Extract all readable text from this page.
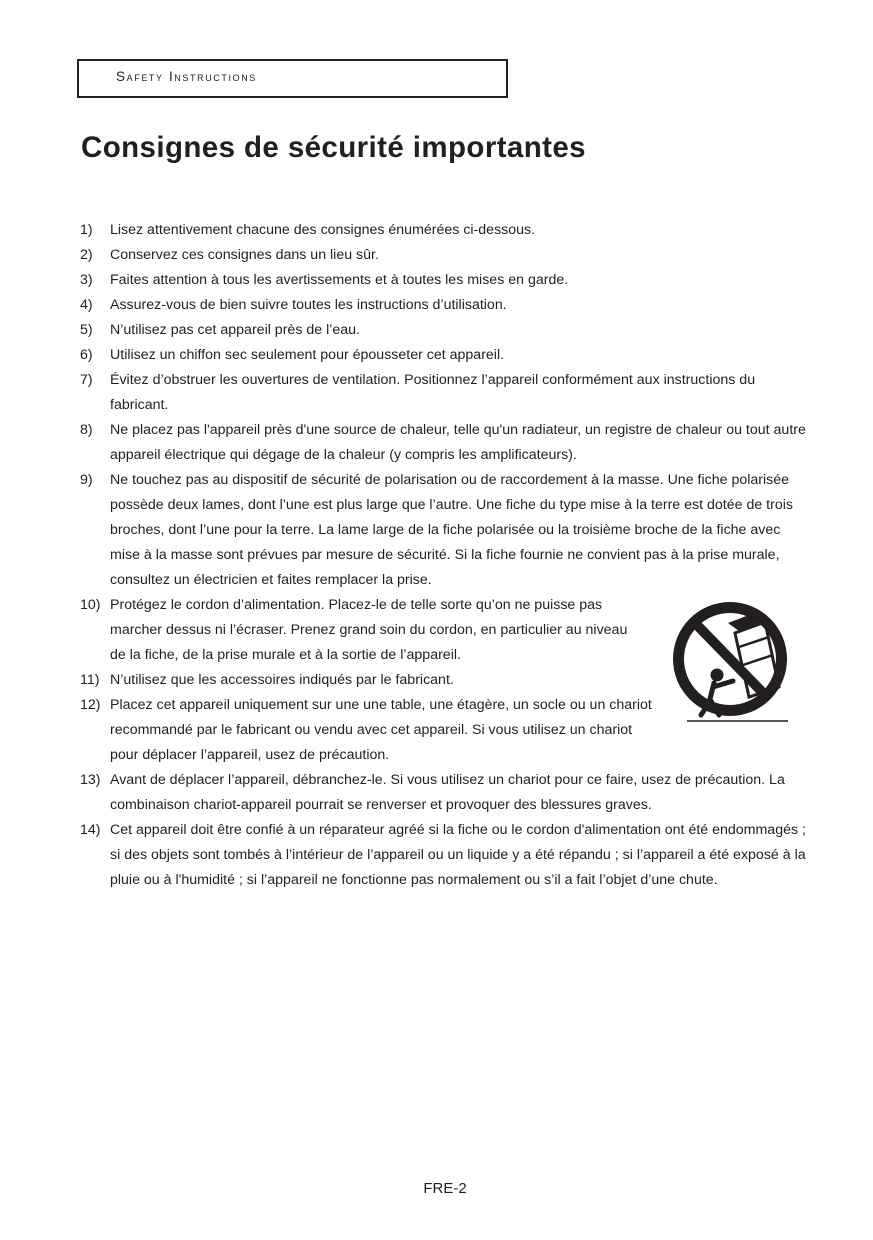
Safety Instructions
Consignes de sécurité importantes
1) Lisez attentivement chacune des consignes énumérées ci-dessous.
2) Conservez ces consignes dans un lieu sûr.
3) Faites attention à tous les avertissements et à toutes les mises en garde.
4) Assurez-vous de bien suivre toutes les instructions d’utilisation.
5) N’utilisez pas cet appareil près de l’eau.
6) Utilisez un chiffon sec seulement pour épousseter cet appareil.
7) Évitez d’obstruer les ouvertures de ventilation. Positionnez l’appareil conformément aux instructions du fabricant.
8) Ne placez pas l'appareil près d'une source de chaleur, telle qu'un radiateur, un registre de chaleur ou tout autre appareil électrique qui dégage de la chaleur (y compris les amplificateurs).
9) Ne touchez pas au dispositif de sécurité de polarisation ou de raccordement à la masse. Une fiche polarisée possède deux lames, dont l’une est plus large que l’autre. Une fiche du type mise à la terre est dotée de trois broches, dont l’une pour la terre. La lame large de la fiche polarisée ou la troisième broche de la fiche avec mise à la masse sont prévues par mesure de sécurité. Si la fiche fournie ne convient pas à la prise murale, consultez un électricien et faites remplacer la prise.
10) Protégez le cordon d’alimentation. Placez-le de telle sorte qu’on ne puisse pas marcher dessus ni l’écraser. Prenez grand soin du cordon, en particulier au niveau de la fiche, de la prise murale et à la sortie de l’appareil.
11) N’utilisez que les accessoires indiqués par le fabricant.
12) Placez cet appareil uniquement sur une une table, une étagère, un socle ou un chariot recommandé par le fabricant ou vendu avec cet appareil. Si vous utilisez un chariot pour déplacer l’appareil, usez de précaution.
13) Avant de déplacer l’appareil, débranchez-le. Si vous utilisez un chariot pour ce faire, usez de précaution. La combinaison chariot-appareil pourrait se renverser et provoquer des blessures graves.
14) Cet appareil doit être confié à un réparateur agréé si la fiche ou le cordon d'alimentation ont été endommagés ; si des objets sont tombés à l’intérieur de l’appareil ou un liquide y a été répandu ; si l’appareil a été exposé à la pluie ou à l'humidité ; si l’appareil ne fonctionne pas normalement ou s’il a fait l’objet d’une chute.
FRE-2
